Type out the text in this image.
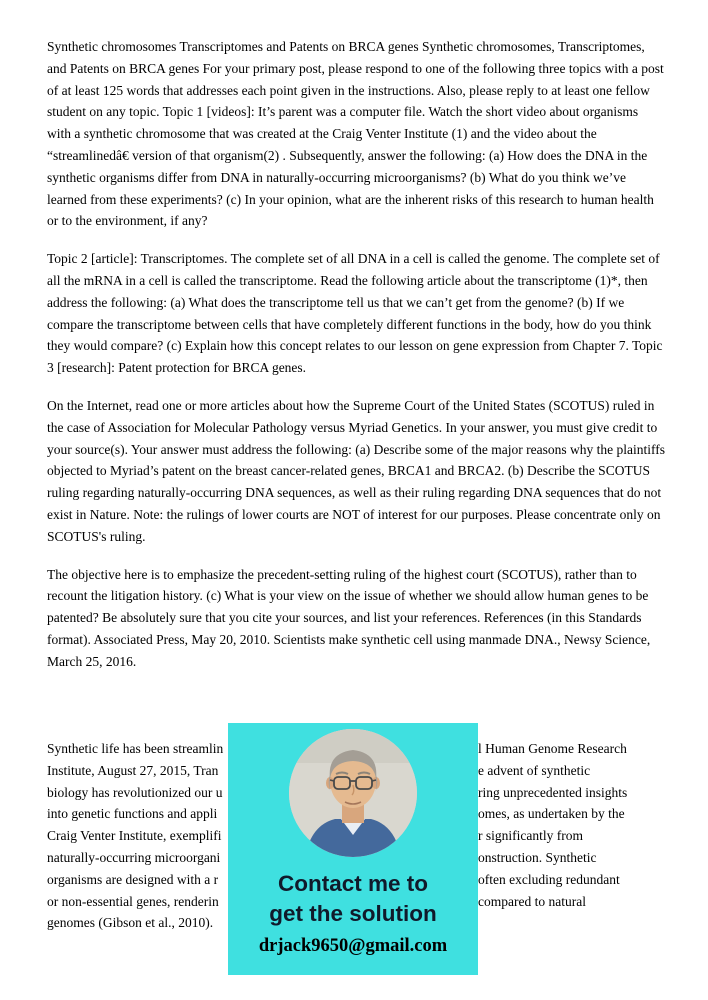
Synthetic chromosomes Transcriptomes and Patents on BRCA genes Synthetic chromosomes, Transcriptomes, and Patents on BRCA genes For your primary post, please respond to one of the following three topics with a post of at least 125 words that addresses each point given in the instructions. Also, please reply to at least one fellow student on any topic. Topic 1 [videos]: It’s parent was a computer file. Watch the short video about organisms with a synthetic chromosome that was created at the Craig Venter Institute (1) and the video about the “streamlinedâ€ version of that organism(2) . Subsequently, answer the following: (a) How does the DNA in the synthetic organisms differ from DNA in naturally-occurring microorganisms? (b) What do you think we’ve learned from these experiments? (c) In your opinion, what are the inherent risks of this research to human health or to the environment, if any?

Topic 2 [article]: Transcriptomes. The complete set of all DNA in a cell is called the genome. The complete set of all the mRNA in a cell is called the transcriptome. Read the following article about the transcriptome (1)*, then address the following: (a) What does the transcriptome tell us that we can’t get from the genome? (b) If we compare the transcriptome between cells that have completely different functions in the body, how do you think they would compare? (c) Explain how this concept relates to our lesson on gene expression from Chapter 7. Topic 3 [research]: Patent protection for BRCA genes.

On the Internet, read one or more articles about how the Supreme Court of the United States (SCOTUS) ruled in the case of Association for Molecular Pathology versus Myriad Genetics. In your answer, you must give credit to your source(s). Your answer must address the following: (a) Describe some of the major reasons why the plaintiffs objected to Myriad’s patent on the breast cancer-related genes, BRCA1 and BRCA2. (b) Describe the SCOTUS ruling regarding naturally-occurring DNA sequences, as well as their ruling regarding DNA sequences that do not exist in Nature. Note: the rulings of lower courts are NOT of interest for our purposes. Please concentrate only on SCOTUS's ruling.

The objective here is to emphasize the precedent-setting ruling of the highest court (SCOTUS), rather than to recount the litigation history. (c) What is your view on the issue of whether we should allow human genes to be patented? Be absolutely sure that you cite your sources, and list your references. References (in this Standards format). Associated Press, May 20, 2010. Scientists make synthetic cell using manmade DNA., Newsy Science, March 25, 2016.

Synthetic life has been streamlin	l Human Genome Research
Institute, August 27, 2015, Tran	e advent of synthetic
biology has revolutionized our u	ring unprecedented insights
into genetic functions and appli	omes, as undertaken by the
Craig Venter Institute, exemplifi	r significantly from
naturally-occurring microorgani	onstruction. Synthetic
organisms are designed with a r	often excluding redundant
or non-essential genes, renderin	compared to natural
genomes (Gibson et al., 2010).
Contact me to
get the solution
drjack9650@gmail.com
